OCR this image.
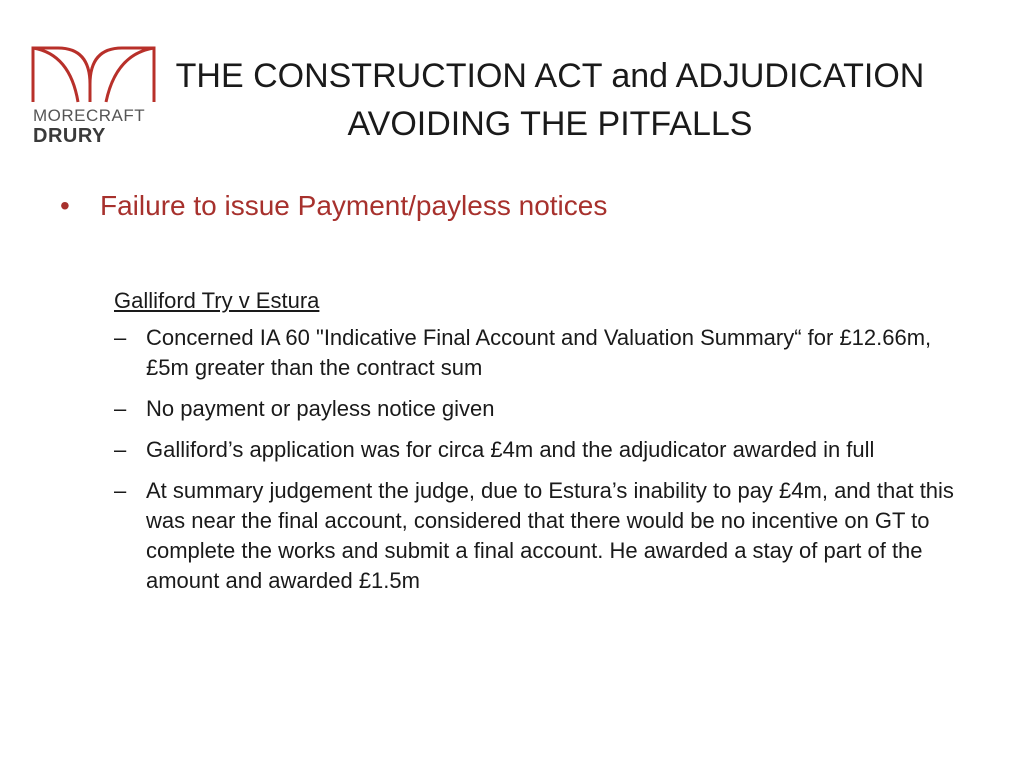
MORECRAFT
DRURY
THE CONSTRUCTION ACT and ADJUDICATION
AVOIDING THE PITFALLS
• Failure to issue Payment/payless notices
Galliford Try v Estura
– Concerned IA 60 "Indicative Final Account and Valuation Summary“ for £12.66m, £5m greater than the contract sum
– No payment or payless notice given
– Galliford’s application was for circa £4m and the adjudicator awarded in full
– At summary judgement the judge, due to Estura’s inability to pay £4m, and that this was near the final account, considered that there would be no incentive on GT to complete the works and submit a final account. He awarded a stay of part of the amount and awarded £1.5m
